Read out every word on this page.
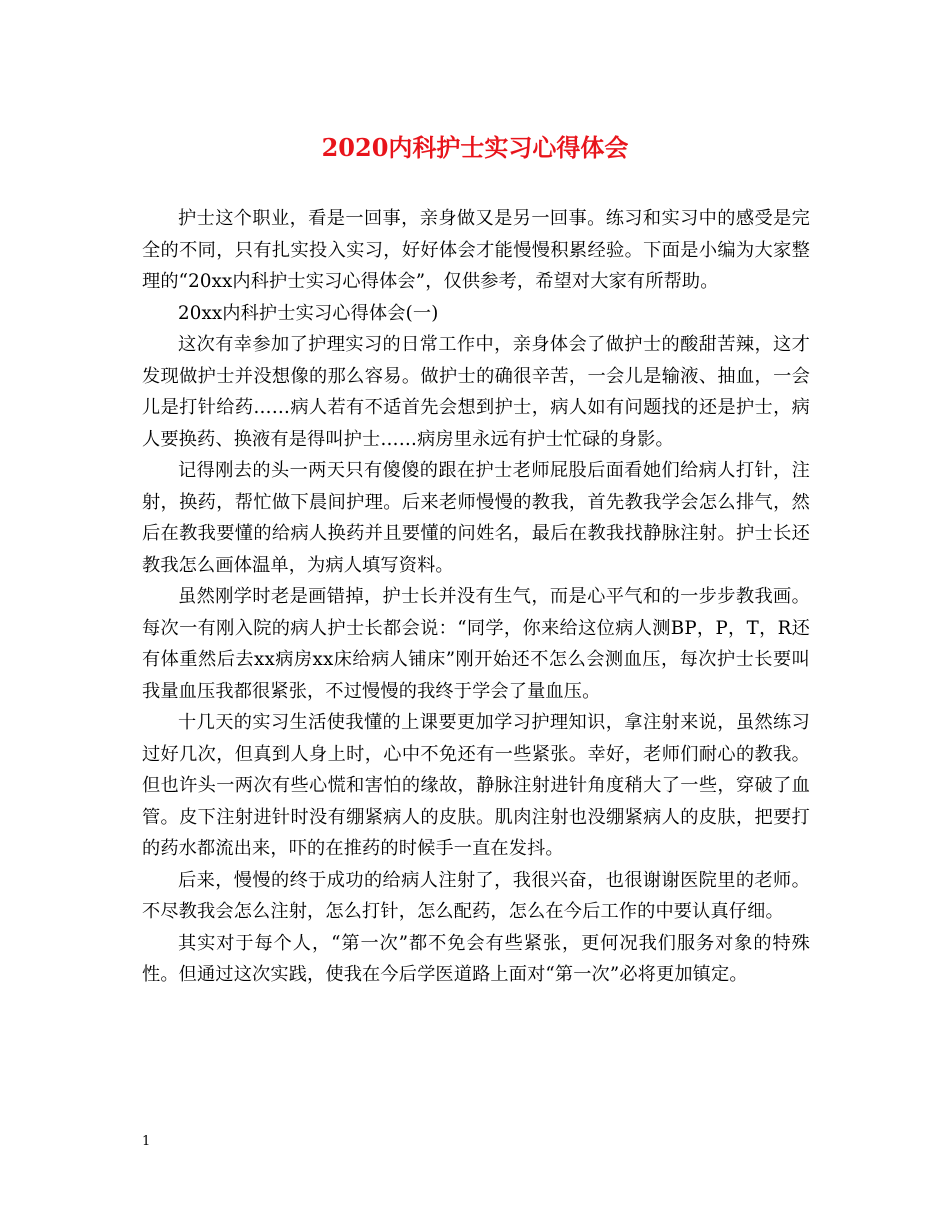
2020内科护士实习心得体会

护士这个职业，看是一回事，亲身做又是另一回事。练习和实习中的感受是完全的不同，只有扎实投入实习，好好体会才能慢慢积累经验。下面是小编为大家整理的“20xx内科护士实习心得体会”，仅供参考，希望对大家有所帮助。

20xx内科护士实习心得体会(一)

这次有幸参加了护理实习的日常工作中，亲身体会了做护士的酸甜苦辣，这才发现做护士并没想像的那么容易。做护士的确很辛苦，一会儿是输液、抽血，一会儿是打针给药……病人若有不适首先会想到护士，病人如有问题找的还是护士，病人要换药、换液有是得叫护士……病房里永远有护士忙碌的身影。

记得刚去的头一两天只有傻傻的跟在护士老师屁股后面看她们给病人打针，注射，换药，帮忙做下晨间护理。后来老师慢慢的教我，首先教我学会怎么排气，然后在教我要懂的给病人换药并且要懂的问姓名，最后在教我找静脉注射。护士长还教我怎么画体温单，为病人填写资料。

虽然刚学时老是画错掉，护士长并没有生气，而是心平气和的一步步教我画。每次一有刚入院的病人护士长都会说：“同学，你来给这位病人测BP，P，T，R还有体重然后去xx病房xx床给病人铺床”刚开始还不怎么会测血压，每次护士长要叫我量血压我都很紧张，不过慢慢的我终于学会了量血压。

十几天的实习生活使我懂的上课要更加学习护理知识，拿注射来说，虽然练习过好几次，但真到人身上时，心中不免还有一些紧张。幸好，老师们耐心的教我。但也许头一两次有些心慌和害怕的缘故，静脉注射进针角度稍大了一些，穿破了血管。皮下注射进针时没有绷紧病人的皮肤。肌肉注射也没绷紧病人的皮肤，把要打的药水都流出来，吓的在推药的时候手一直在发抖。

后来，慢慢的终于成功的给病人注射了，我很兴奋，也很谢谢医院里的老师。不尽教我会怎么注射，怎么打针，怎么配药，怎么在今后工作的中要认真仔细。

其实对于每个人，“第一次”都不免会有些紧张，更何况我们服务对象的特殊性。但通过这次实践，使我在今后学医道路上面对“第一次”必将更加镇定。

1
